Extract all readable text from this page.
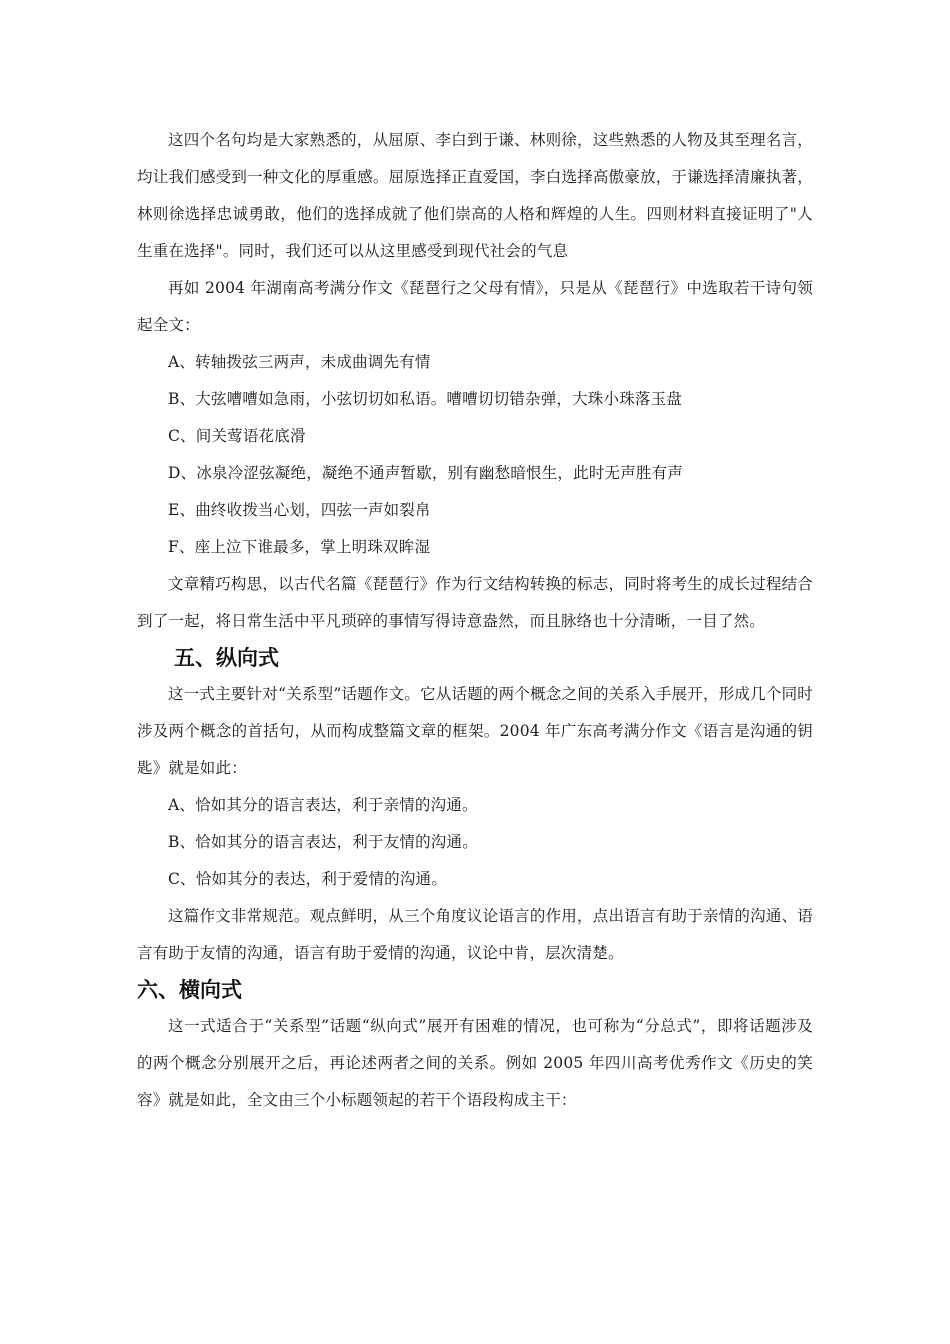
这四个名句均是大家熟悉的，从屈原、李白到于谦、林则徐，这些熟悉的人物及其至理名言，均让我们感受到一种文化的厚重感。屈原选择正直爱国，李白选择高傲豪放，于谦选择清廉执著，林则徐选择忠诚勇敢，他们的选择成就了他们崇高的人格和辉煌的人生。四则材料直接证明了"人生重在选择"。同时，我们还可以从这里感受到现代社会的气息

再如 2004 年湖南高考满分作文《琵琶行之父母有情》，只是从《琵琶行》中选取若干诗句领起全文：

A、转轴拨弦三两声，未成曲调先有情

B、大弦嘈嘈如急雨，小弦切切如私语。嘈嘈切切错杂弹，大珠小珠落玉盘

C、间关莺语花底滑

D、冰泉冷涩弦凝绝，凝绝不通声暂歇，别有幽愁暗恨生，此时无声胜有声

E、曲终收拨当心划，四弦一声如裂帛

F、座上泣下谁最多，掌上明珠双眸湿

文章精巧构思，以古代名篇《琵琶行》作为行文结构转换的标志，同时将考生的成长过程结合到了一起，将日常生活中平凡琐碎的事情写得诗意盎然，而且脉络也十分清晰，一目了然。

五、纵向式

这一式主要针对“关系型”话题作文。它从话题的两个概念之间的关系入手展开，形成几个同时涉及两个概念的首括句，从而构成整篇文章的框架。2004 年广东高考满分作文《语言是沟通的钥匙》就是如此：

A、恰如其分的语言表达，利于亲情的沟通。

B、恰如其分的语言表达，利于友情的沟通。

C、恰如其分的表达，利于爱情的沟通。

这篇作文非常规范。观点鲜明，从三个角度议论语言的作用，点出语言有助于亲情的沟通、语言有助于友情的沟通，语言有助于爱情的沟通，议论中肯，层次清楚。

六、横向式

这一式适合于“关系型”话题“纵向式”展开有困难的情况，也可称为“分总式”，即将话题涉及的两个概念分别展开之后，再论述两者之间的关系。例如 2005 年四川高考优秀作文《历史的笑容》就是如此，全文由三个小标题领起的若干个语段构成主干：
